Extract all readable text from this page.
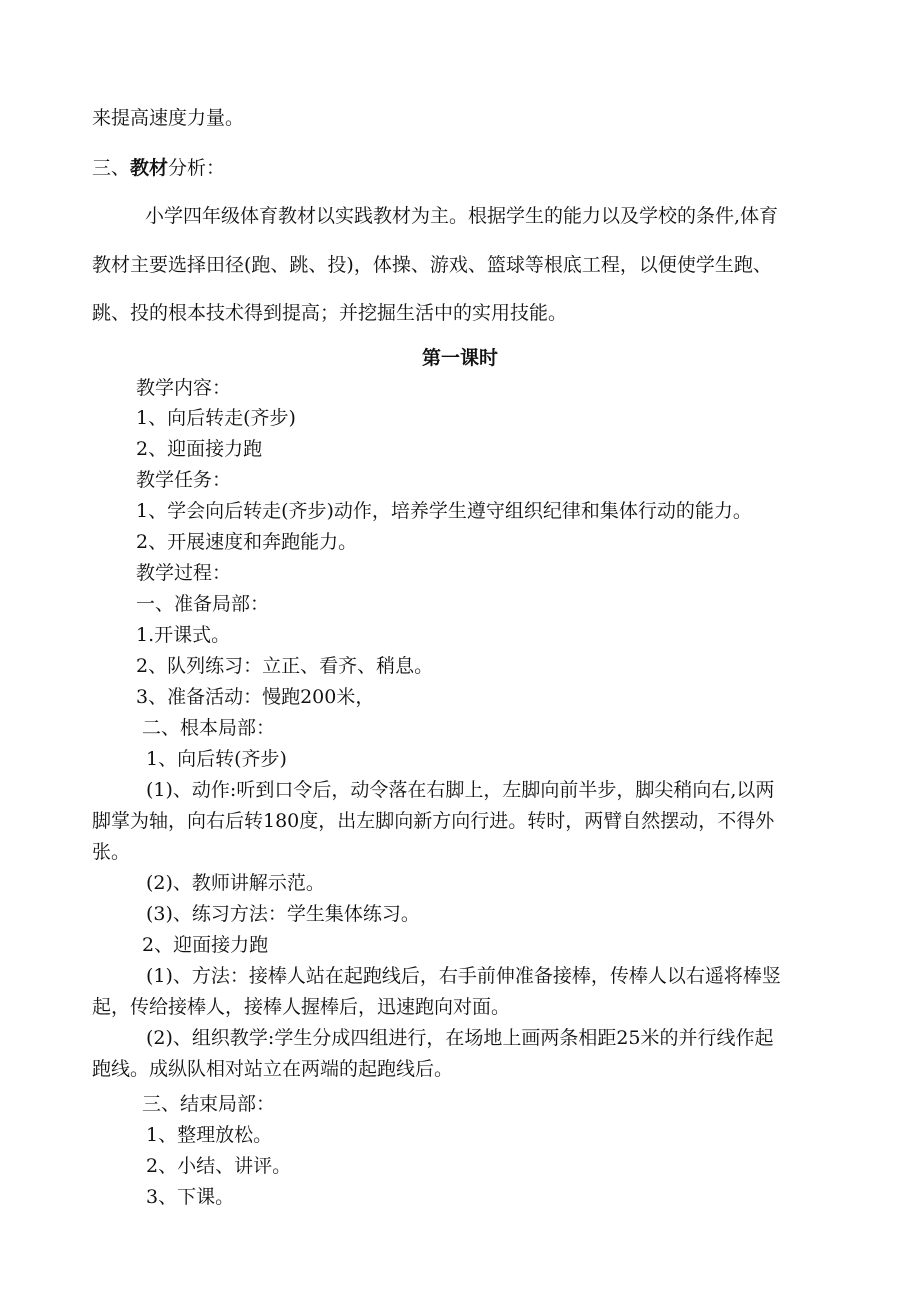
来提高速度力量。
三、教材分析：
小学四年级体育教材以实践教材为主。根据学生的能力以及学校的条件,体育
教材主要选择田径(跑、跳、投)，体操、游戏、篮球等根底工程，以便使学生跑、
跳、投的根本技术得到提高；并挖掘生活中的实用技能。
第一课时
教学内容：
1、向后转走(齐步)
2、迎面接力跑
教学任务：
1、学会向后转走(齐步)动作，培养学生遵守组织纪律和集体行动的能力。
2、开展速度和奔跑能力。
教学过程：
一、准备局部：
1.开课式。
2、队列练习：立正、看齐、稍息。
3、准备活动：慢跑200米，
二、根本局部：
1、向后转(齐步)
(1)、动作:听到口令后，动令落在右脚上，左脚向前半步，脚尖稍向右,以两
脚掌为轴，向右后转180度，出左脚向新方向行进。转时，两臂自然摆动，不得外
张。
(2)、教师讲解示范。
(3)、练习方法：学生集体练习。
2、迎面接力跑
(1)、方法：接棒人站在起跑线后，右手前伸准备接棒，传棒人以右遥将棒竖
起，传给接棒人，接棒人握棒后，迅速跑向对面。
(2)、组织教学:学生分成四组进行，在场地上画两条相距25米的并行线作起
跑线。成纵队相对站立在两端的起跑线后。
三、结束局部：
1、整理放松。
2、小结、讲评。
3、下课。
